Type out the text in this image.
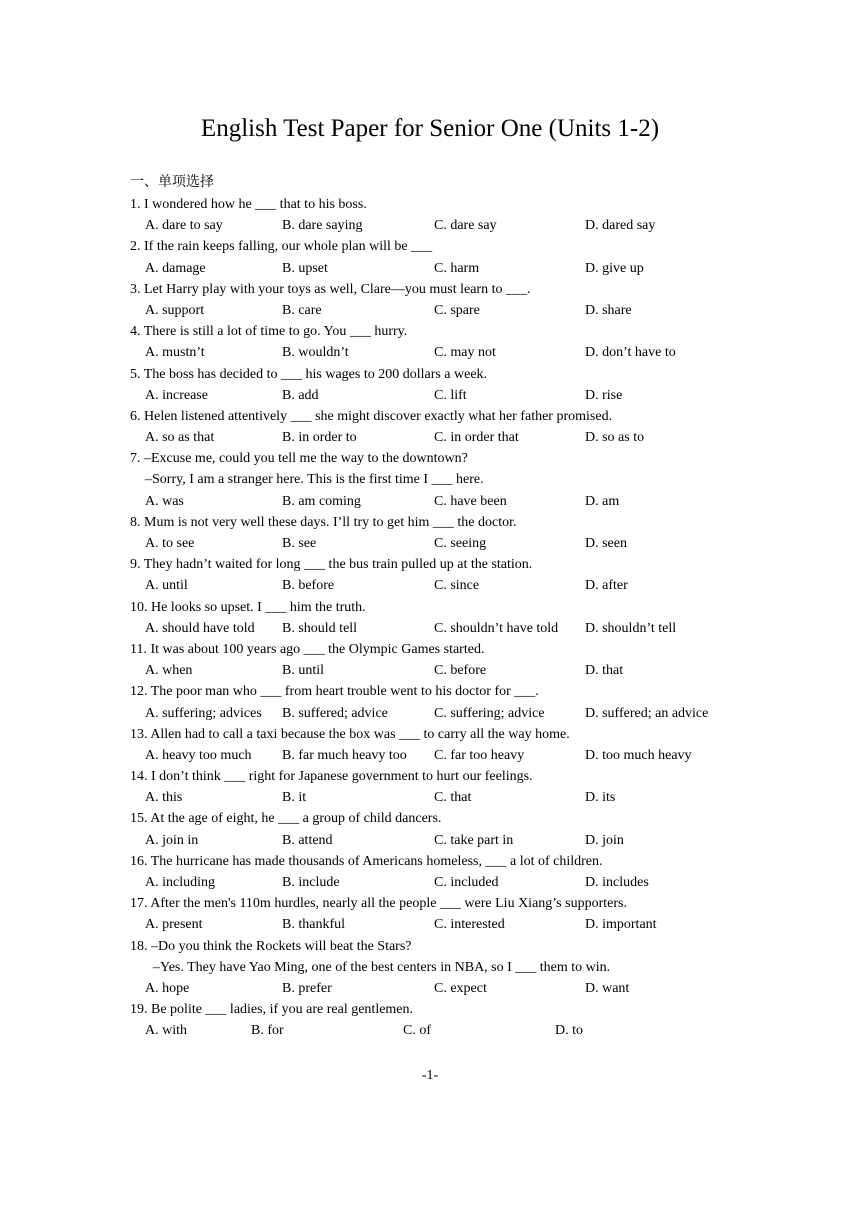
English Test Paper for Senior One (Units 1-2)
一、单项选择
1. I wondered how he ___ that to his boss.
A. dare to say	B. dare saying	C. dare say	D. dared say
2. If the rain keeps falling, our whole plan will be ___
A. damage	B. upset	C. harm	D. give up
3. Let Harry play with your toys as well, Clare—you must learn to ___.
A. support	B. care	C. spare	D. share
4. There is still a lot of time to go. You ___ hurry.
A. mustn’t	B. wouldn’t	C. may not	D. don’t have to
5. The boss has decided to ___ his wages to 200 dollars a week.
A. increase	B. add	C. lift	D. rise
6. Helen listened attentively ___ she might discover exactly what her father promised.
A. so as that	B. in order to	C. in order that	D. so as to
7. –Excuse me, could you tell me the way to the downtown?
–Sorry, I am a stranger here. This is the first time I ___ here.
A. was	B. am coming	C. have been	D. am
8. Mum is not very well these days. I’ll try to get him ___ the doctor.
A. to see	B. see	C. seeing	D. seen
9. They hadn’t waited for long ___ the bus train pulled up at the station.
A. until	B. before	C. since	D. after
10. He looks so upset. I ___ him the truth.
A. should have told B. should tell	C. shouldn’t have told D. shouldn’t tell
11. It was about 100 years ago ___ the Olympic Games started.
A. when	B. until	C. before	D. that
12. The poor man who ___ from heart trouble went to his doctor for ___.
A. suffering; advices B. suffered; advice	C. suffering; advice	D. suffered; an advice
13. Allen had to call a taxi because the box was ___ to carry all the way home.
A. heavy too much B. far much heavy too C. far too heavy	D. too much heavy
14. I don’t think ___ right for Japanese government to hurt our feelings.
A. this	B. it	C. that	D. its
15. At the age of eight, he ___ a group of child dancers.
A. join in	B. attend	C. take part in	D. join
16. The hurricane has made thousands of Americans homeless, ___ a lot of children.
A. including	B. include	C. included	D. includes
17. After the men's 110m hurdles, nearly all the people ___ were Liu Xiang’s supporters.
A. present	B. thankful	C. interested	D. important
18. –Do you think the Rockets will beat the Stars?
–Yes. They have Yao Ming, one of the best centers in NBA, so I ___ them to win.
A. hope	B. prefer	C. expect	D. want
19. Be polite ___ ladies, if you are real gentlemen.
A. with	B. for	C. of	D. to
-1-
